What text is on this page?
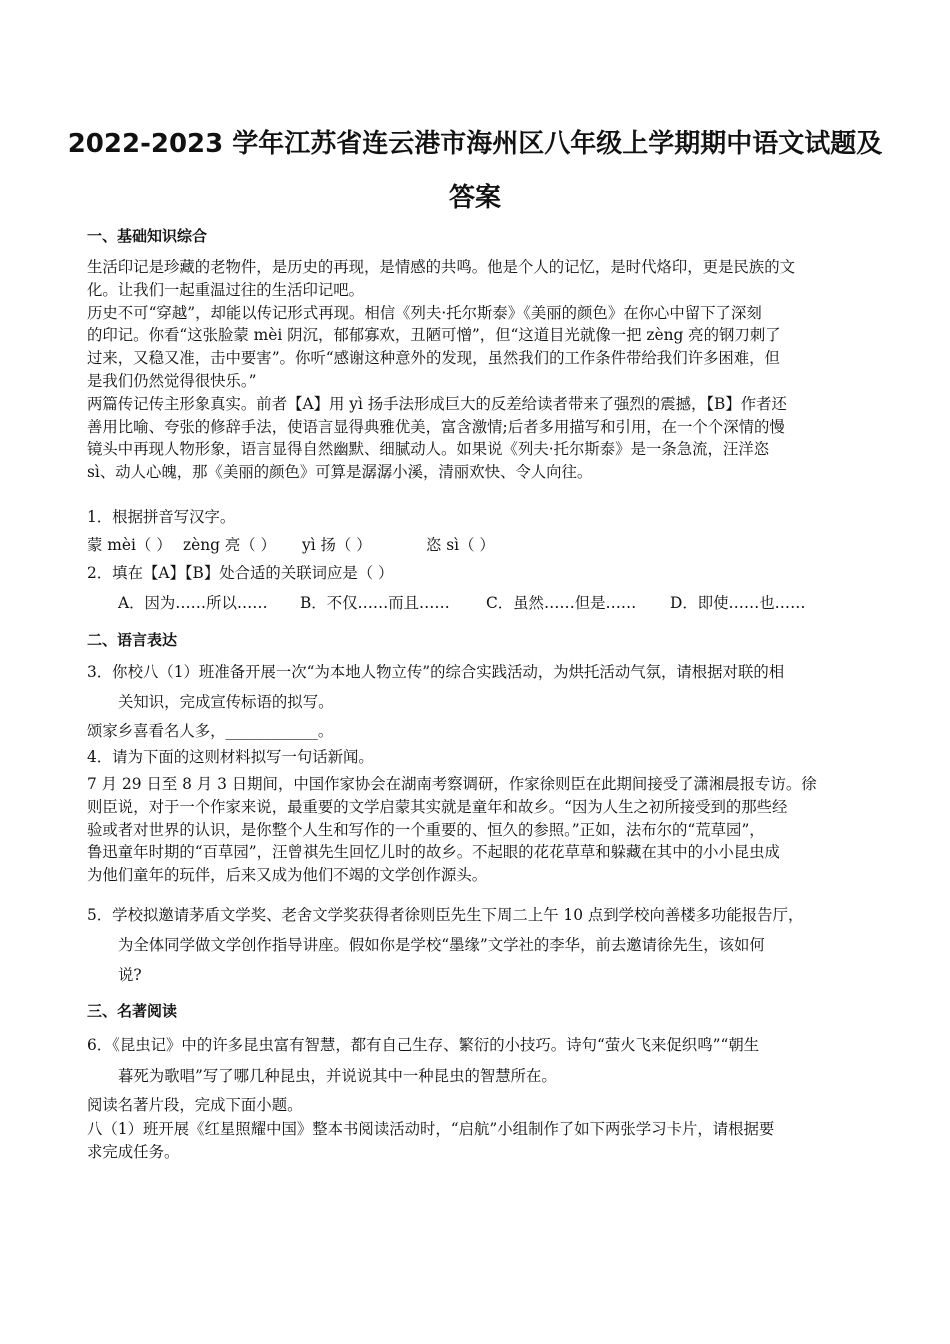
2022-2023 学年江苏省连云港市海州区八年级上学期期中语文试题及
答案
一、基础知识综合
生活印记是珍藏的老物件，是历史的再现，是情感的共鸣。他是个人的记忆，是时代烙印，更是民族的文
化。让我们一起重温过往的生活印记吧。
历史不可“穿越”，却能以传记形式再现。相信《列夫·托尔斯泰》《美丽的颜色》在你心中留下了深刻
的印记。你看“这张脸蒙 mèi 阴沉，郁郁寡欢，丑陋可憎”，但“这道目光就像一把 zèng 亮的钢刀刺了
过来，又稳又准，击中要害”。你听“感谢这种意外的发现，虽然我们的工作条件带给我们许多困难，但
是我们仍然觉得很快乐。”
两篇传记传主形象真实。前者【A】用 yì 扬手法形成巨大的反差给读者带来了强烈的震撼，【B】作者还
善用比喻、夸张的修辞手法，使语言显得典雅优美，富含激情;后者多用描写和引用，在一个个深情的慢
镜头中再现人物形象，语言显得自然幽默、细腻动人。如果说《列夫·托尔斯泰》是一条急流，汪洋恣
sì、动人心魄，那《美丽的颜色》可算是潺潺小溪，清丽欢快、令人向往。
1．根据拼音写汉字。
蒙 mèi（ ） zèng 亮（ ） yì 扬（ ）	恣 sì（ ）
2．填在【A】【B】处合适的关联词应是（ ）
A．因为……所以…… B．不仅……而且…… C．虽然……但是…… D．即使……也……
二、语言表达
3．你校八（1）班准备开展一次“为本地人物立传”的综合实践活动，为烘托活动气氛，请根据对联的相
关知识，完成宣传标语的拟写。
颂家乡喜看名人多，____________。
4．请为下面的这则材料拟写一句话新闻。
7 月 29 日至 8 月 3 日期间，中国作家协会在湖南考察调研，作家徐则臣在此期间接受了潇湘晨报专访。徐
则臣说，对于一个作家来说，最重要的文学启蒙其实就是童年和故乡。“因为人生之初所接受到的那些经
验或者对世界的认识，是你整个人生和写作的一个重要的、恒久的参照。”正如，法布尔的“荒草园”，
鲁迅童年时期的“百草园”，汪曾祺先生回忆儿时的故乡。不起眼的花花草草和躲藏在其中的小小昆虫成
为他们童年的玩伴，后来又成为他们不竭的文学创作源头。
5．学校拟邀请茅盾文学奖、老舍文学奖获得者徐则臣先生下周二上午 10 点到学校向善楼多功能报告厅，
为全体同学做文学创作指导讲座。假如你是学校“墨缘”文学社的李华，前去邀请徐先生，该如何
说?
三、名著阅读
6．《昆虫记》中的许多昆虫富有智慧，都有自己生存、繁衍的小技巧。诗句“萤火飞来促织鸣”“朝生
暮死为歌唱”写了哪几种昆虫，并说说其中一种昆虫的智慧所在。
阅读名著片段，完成下面小题。
八（1）班开展《红星照耀中国》整本书阅读活动时，“启航”小组制作了如下两张学习卡片，请根据要
求完成任务。
